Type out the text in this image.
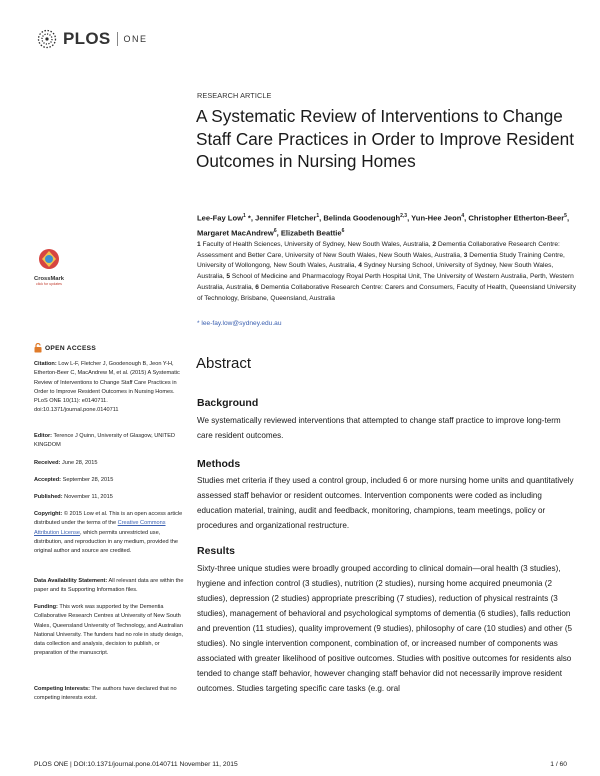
PLOS ONE
RESEARCH ARTICLE
A Systematic Review of Interventions to Change Staff Care Practices in Order to Improve Resident Outcomes in Nursing Homes
Lee-Fay Low$^1$ *, Jennifer Fletcher$^1$, Belinda Goodenough$^{2,3}$, Yun-Hee Jeon$^4$, Christopher Etherton-Beer$^5$, Margaret MacAndrew$^6$, Elizabeth Beattie$^6$
1 Faculty of Health Sciences, University of Sydney, New South Wales, Australia, 2 Dementia Collaborative Research Centre: Assessment and Better Care, University of New South Wales, New South Wales, Australia, 3 Dementia Study Training Centre, University of Wollongong, New South Wales, Australia, 4 Sydney Nursing School, University of Sydney, New South Wales, Australia, 5 School of Medicine and Pharmacology Royal Perth Hospital Unit, The University of Western Australia, Perth, Western Australia, Australia, 6 Dementia Collaborative Research Centre: Carers and Consumers, Faculty of Health, Queensland University of Technology, Brisbane, Queensland, Australia
* lee-fay.low@sydney.edu.au
Abstract
Background
We systematically reviewed interventions that attempted to change staff practice to improve long-term care resident outcomes.
Methods
Studies met criteria if they used a control group, included 6 or more nursing home units and quantitatively assessed staff behavior or resident outcomes. Intervention components were coded as including education material, training, audit and feedback, monitoring, champions, team meetings, policy or procedures and organizational restructure.
Results
Sixty-three unique studies were broadly grouped according to clinical domain—oral health (3 studies), hygiene and infection control (3 studies), nutrition (2 studies), nursing home acquired pneumonia (2 studies), depression (2 studies) appropriate prescribing (7 studies), reduction of physical restraints (3 studies), management of behavioral and psychological symptoms of dementia (6 studies), falls reduction and prevention (11 studies), quality improvement (9 studies), philosophy of care (10 studies) and other (5 studies). No single intervention component, combination of, or increased number of components was associated with greater likelihood of positive outcomes. Studies with positive outcomes for residents also tended to change staff behavior, however changing staff behavior did not necessarily improve resident outcomes. Studies targeting specific care tasks (e.g. oral
CrossMark
click for updates
OPEN ACCESS
Citation: Low L-F, Fletcher J, Goodenough B, Jeon Y-H, Etherton-Beer C, MacAndrew M, et al. (2015) A Systematic Review of Interventions to Change Staff Care Practices in Order to Improve Resident Outcomes in Nursing Homes. PLoS ONE 10(11): e0140711. doi:10.1371/journal.pone.0140711
Editor: Terence J Quinn, University of Glasgow, UNITED KINGDOM
Received: June 28, 2015
Accepted: September 28, 2015
Published: November 11, 2015
Copyright: © 2015 Low et al. This is an open access article distributed under the terms of the Creative Commons Attribution License, which permits unrestricted use, distribution, and reproduction in any medium, provided the original author and source are credited.
Data Availability Statement: All relevant data are within the paper and its Supporting Information files.
Funding: This work was supported by the Dementia Collaborative Research Centres at University of New South Wales, Queensland University of Technology, and Australian National University. The funders had no role in study design, data collection and analysis, decision to publish, or preparation of the manuscript.
Competing Interests: The authors have declared that no competing interests exist.
PLOS ONE | DOI:10.1371/journal.pone.0140711 November 11, 2015	1 / 60
